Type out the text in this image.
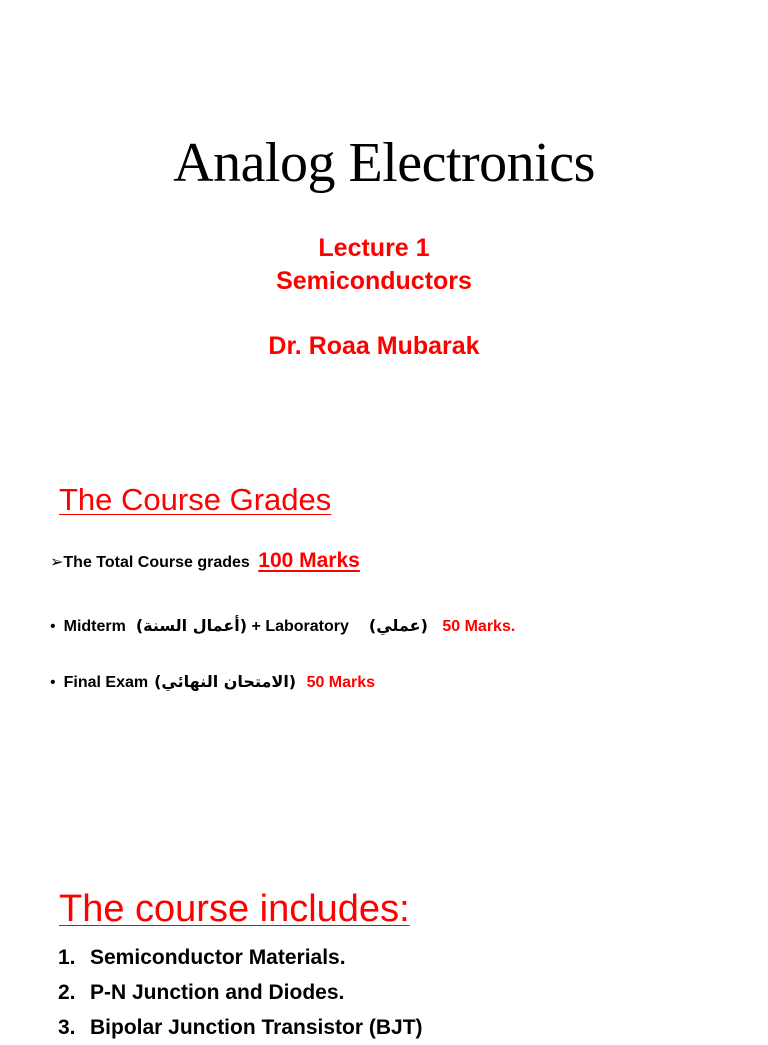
Analog Electronics
Lecture 1
Semiconductors
Dr. Roaa Mubarak
The Course Grades
➢The Total Course grades 100 Marks
• Midterm (أعمال السنة) + Laboratory (عملي) 50 Marks.
• Final Exam (الامتحان النهائي) 50 Marks
The course includes:
1. Semiconductor Materials.
2. P-N Junction and Diodes.
3. Bipolar Junction Transistor (BJT)
